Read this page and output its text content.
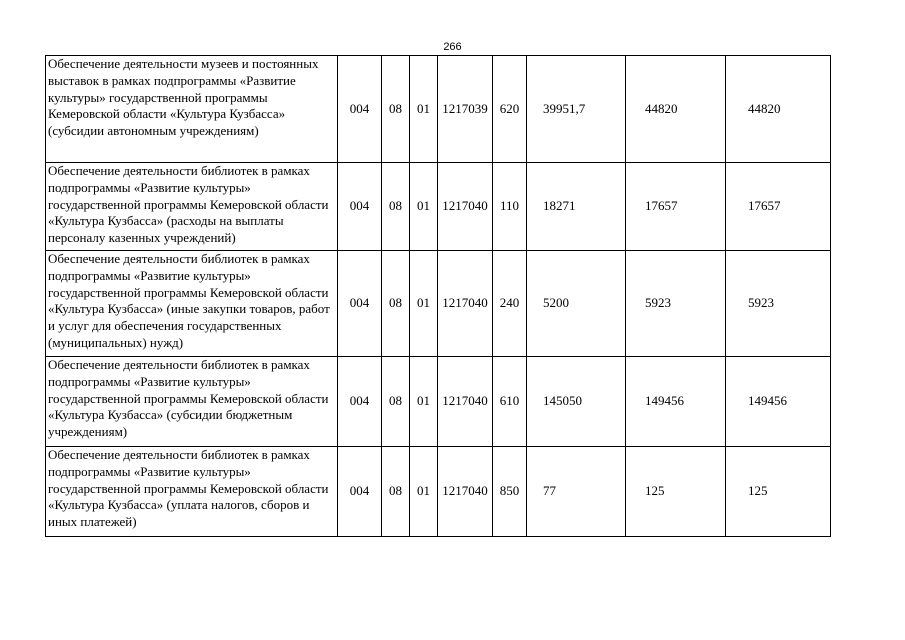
266
Обеспечение деятельности музеев и постоянных выставок в рамках подпрограммы «Развитие культуры» государственной программы Кемеровской области «Культура Кузбасса» (субсидии автономным учреждениям)	004	08	01	1217039	620	39951,7	44820	44820
Обеспечение деятельности библиотек в рамках подпрограммы «Развитие культуры» государственной программы Кемеровской области «Культура Кузбасса» (расходы на выплаты персоналу казенных учреждений)	004	08	01	1217040	110	18271	17657	17657
Обеспечение деятельности библиотек в рамках подпрограммы «Развитие культуры» государственной программы Кемеровской области «Культура Кузбасса» (иные закупки товаров, работ и услуг для обеспечения государственных (муниципальных) нужд)	004	08	01	1217040	240	5200	5923	5923
Обеспечение деятельности библиотек в рамках подпрограммы «Развитие культуры» государственной программы Кемеровской области «Культура Кузбасса» (субсидии бюджетным учреждениям)	004	08	01	1217040	610	145050	149456	149456
Обеспечение деятельности библиотек в рамках подпрограммы «Развитие культуры» государственной программы Кемеровской области «Культура Кузбасса» (уплата налогов, сборов и иных платежей)	004	08	01	1217040	850	77	125	125
